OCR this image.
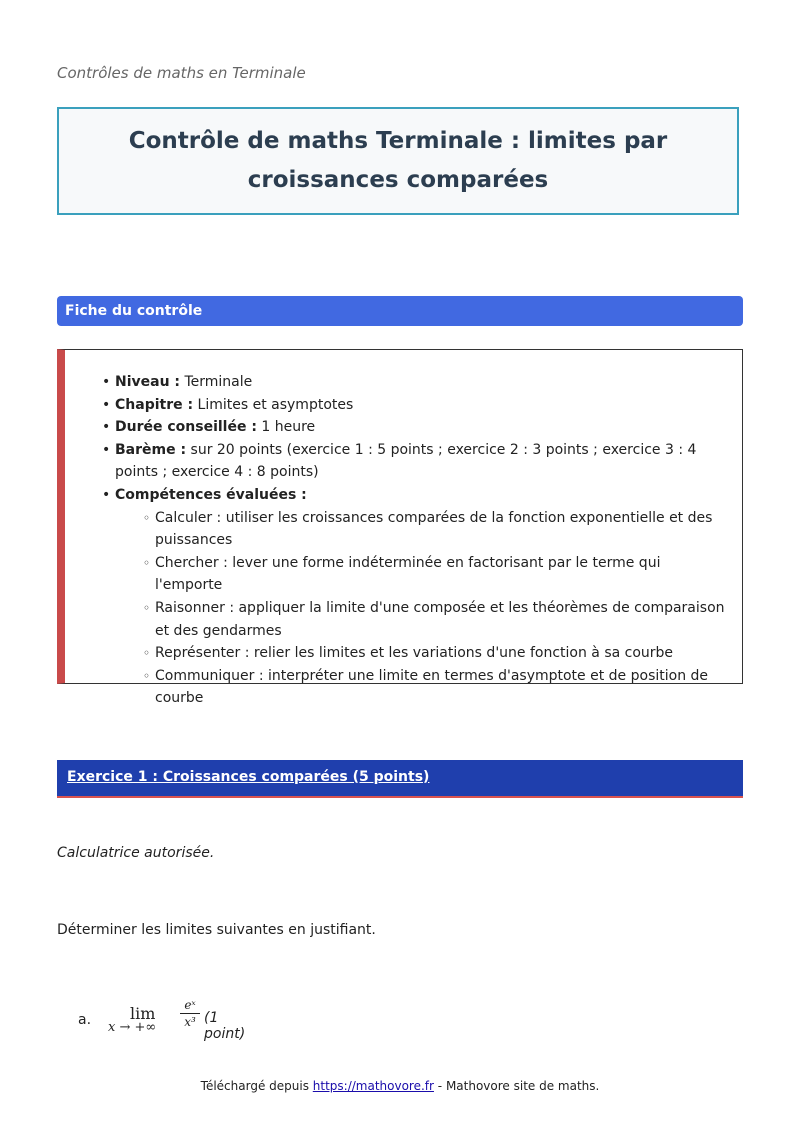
Contrôles de maths en Terminale
Contrôle de maths Terminale : limites par croissances comparées
Fiche du contrôle
• Niveau : Terminale
• Chapitre : Limites et asymptotes
• Durée conseillée : 1 heure
• Barème : sur 20 points (exercice 1 : 5 points ; exercice 2 : 3 points ; exercice 3 : 4 points ; exercice 4 : 8 points)
• Compétences évaluées :
◦ Calculer : utiliser les croissances comparées de la fonction exponentielle et des puissances
◦ Chercher : lever une forme indéterminée en factorisant par le terme qui l'emporte
◦ Raisonner : appliquer la limite d'une composée et les théorèmes de comparaison et des gendarmes
◦ Représenter : relier les limites et les variations d'une fonction à sa courbe
◦ Communiquer : interpréter une limite en termes d'asymptote et de position de courbe
Exercice 1 : Croissances comparées (5 points)
Calculatrice autorisée.
Déterminer les limites suivantes en justifiant.
a. lim
x → +∞
eˣ
x³ (1 point)
Téléchargé depuis https://mathovore.fr - Mathovore site de maths.
